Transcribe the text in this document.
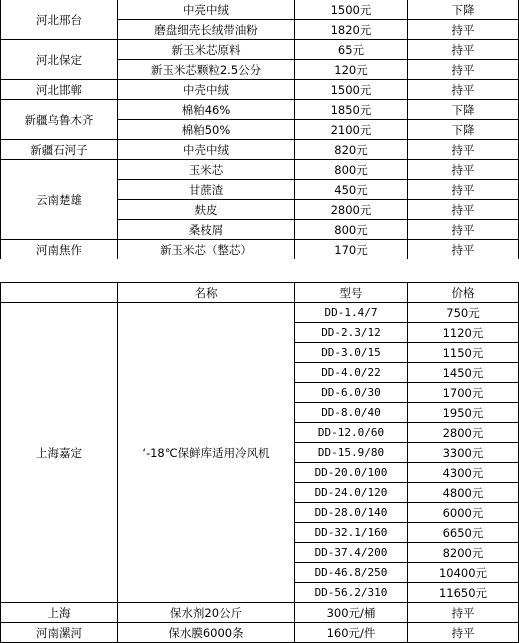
河北邢台	中亮中绒	1500元	下降
	磨盘细壳长绒带油粉	1820元	持平
河北保定	新玉米芯原料	65元	持平
	新玉米芯颗粒2.5公分	120元	持平
河北邯郸	中壳中绒	1500元	持平
新疆乌鲁木齐	棉粕46%	1850元	下降
	棉粕50%	2100元	下降
新疆石河子	中壳中绒	820元	持平
云南楚雄	玉米芯	800元	持平
	甘蔗渣	450元	持平
	麸皮	2800元	持平
	桑枝屑	800元	持平
河南焦作	新玉米芯（整芯）	170元	持平
	名称	型号	价格
上海嘉定	‘-18℃保鲜库适用冷风机	DD-1.4/7	750元
		DD-2.3/12	1120元
		DD-3.0/15	1150元
		DD-4.0/22	1450元
		DD-6.0/30	1700元
		DD-8.0/40	1950元
		DD-12.0/60	2800元
		DD-15.9/80	3300元
		DD-20.0/100	4300元
		DD-24.0/120	4800元
		DD-28.0/140	6000元
		DD-32.1/160	6650元
		DD-37.4/200	8200元
		DD-46.8/250	10400元
		DD-56.2/310	11650元
上海	保水剂20公斤	300元/桶	持平
河南漯河	保水膜6000条	160元/件	持平
